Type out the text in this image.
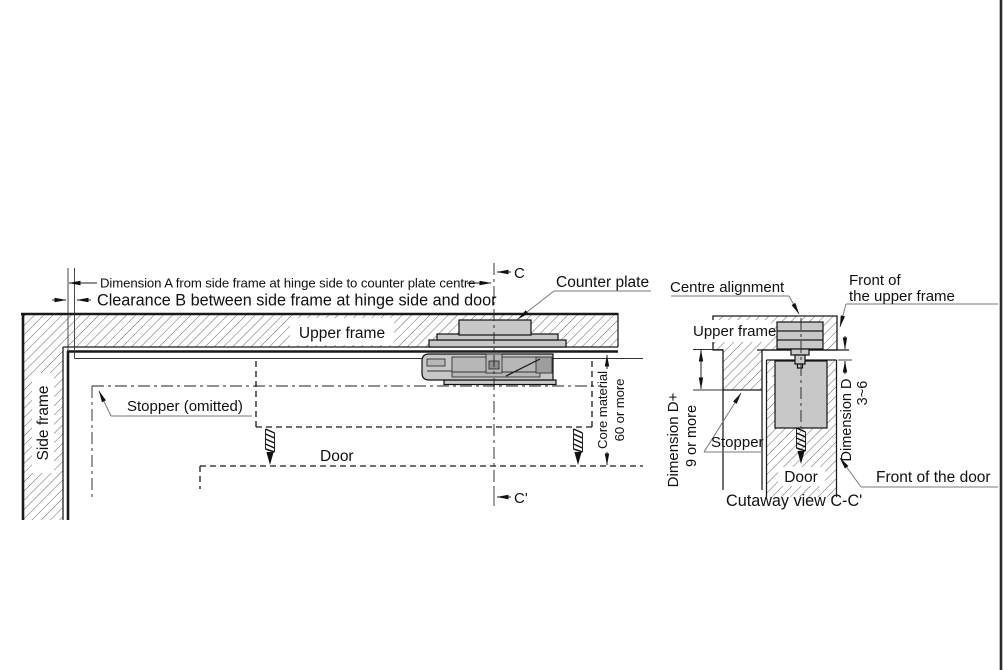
C
C'
Dimension A from side frame at hinge side to counter plate centre
Clearance B between side frame at hinge side and door
Upper frame
Side frame	Stopper (omitted)
Door
Core material 60 or more
Counter plate
Upper frame
Centre alignment	Front of
the upper frame
Dimension D+ 9 or more Stopper	Dimension D 3~6
Door	Front of the door
Cutaway view C-C'
